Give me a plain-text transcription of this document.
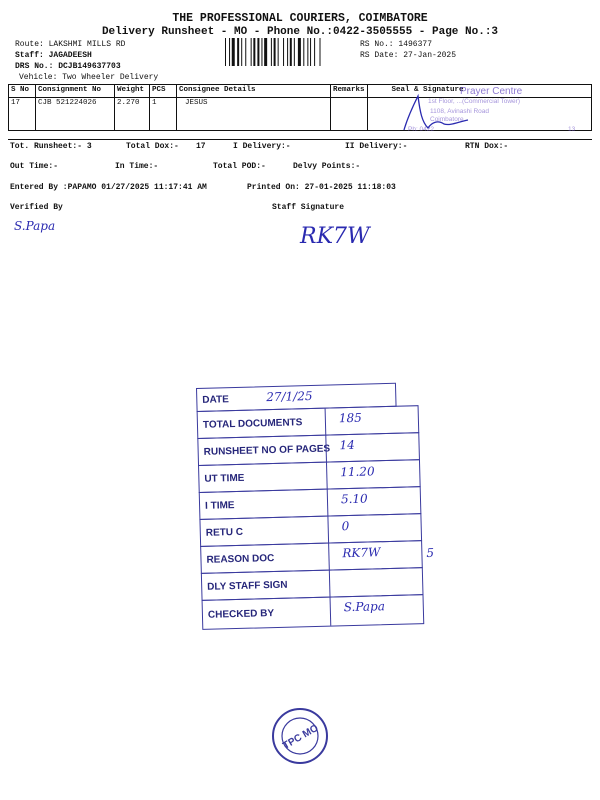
THE PROFESSIONAL COURIERS, COIMBATORE
Delivery Runsheet - MO - Phone No.:0422-3505555 - Page No.:3
Route: LAKSHMI MILLS RD
Staff: JAGADEESH
DRS No.: DCJB149637703
Vehicle: Two Wheeler Delivery
RS No.: 1496377
RS Date: 27-Jan-2025
S No	Consignment No	Weight	PCS	Consignee Details	Remarks	Seal & Signature
17	CJB 521224026	2.270	1	JESUS		
Prayer Centre
1st Floor, ...(Commercial Tower)
1108, Avinashi Road
Coimbatore
Ph: 0422	13
Tot. Runsheet:- 3	Total Dox:- 17	I Delivery:-	II Delivery:-	RTN Dox:-
Out Time:-	In Time:-	Total POD:-	Delvy Points:-
Entered By :PAPAMO 01/27/2025 11:17:41 AM	Printed On: 27-01-2025 11:18:03
Verified By	Staff Signature
S.Papa	RK7W
DATE	27/1/25
TOTAL DOCUMENTS	185
RUNSHEET NO OF PAGES 14
UT TIME	11.20
I TIME	5.10
RETU C	0
REASON DOC	RK7W
DLY STAFF SIGN
CHECKED BY	S.Papa
5
TPC MO
